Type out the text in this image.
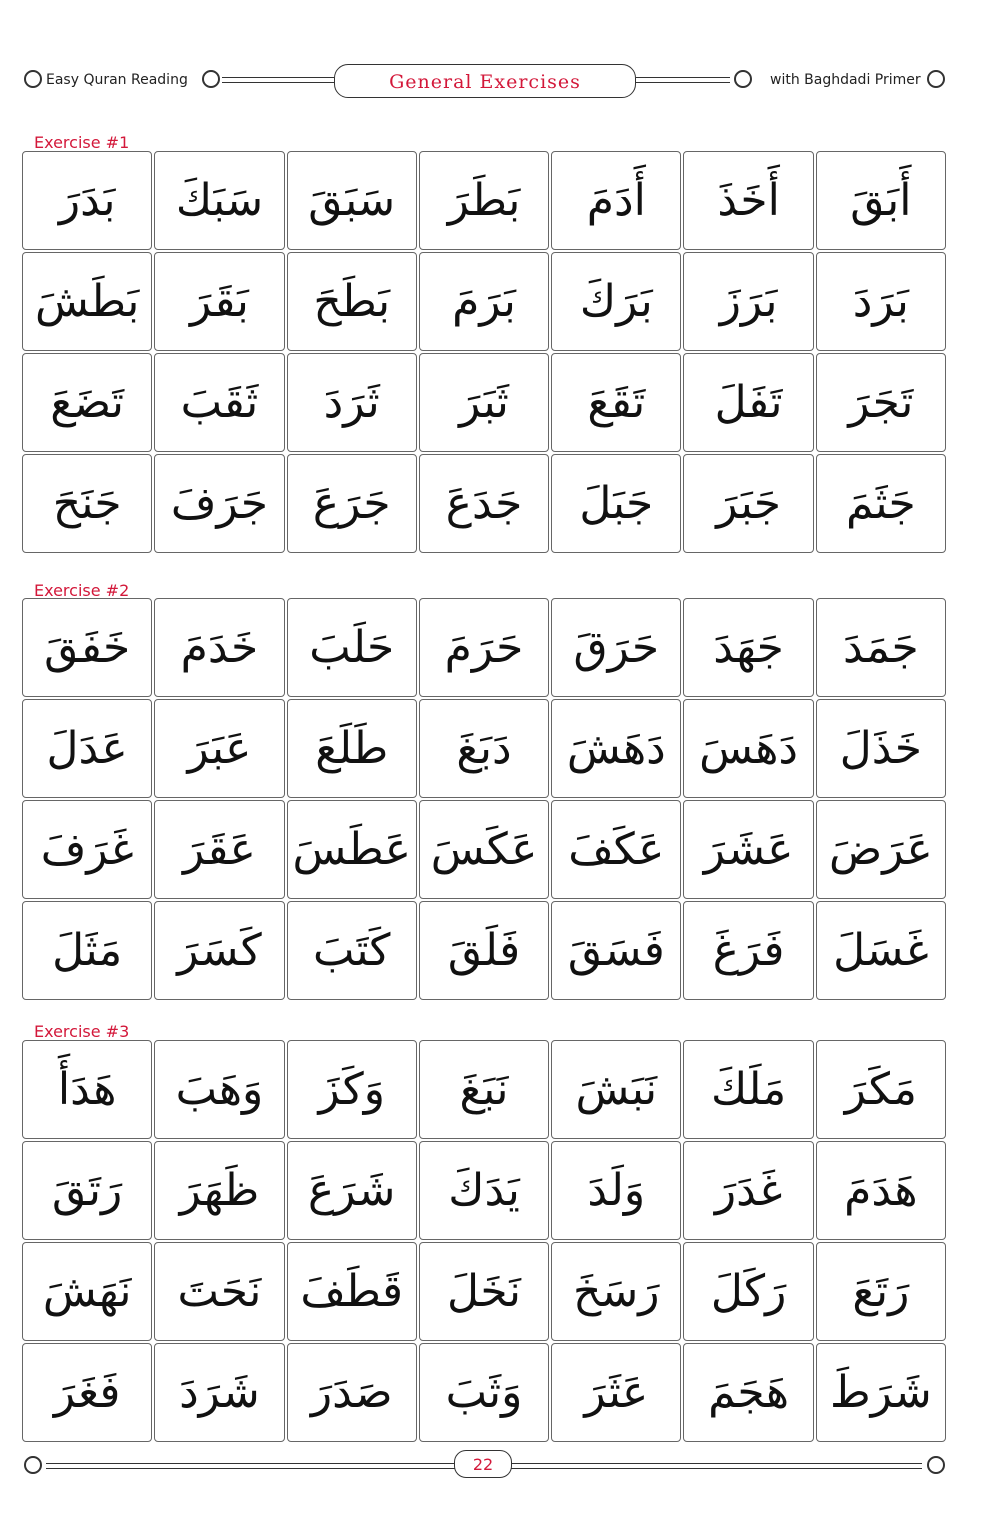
Easy Quran Reading	General Exercises	with Baghdadi Primer
Exercise #1
أَبَقَ
أَخَذَ
أَدَمَ
بَطَرَ
سَبَقَ
سَبَكَ
بَدَرَ
بَرَدَ
بَرَزَ
بَرَكَ
بَرَمَ
بَطَحَ
بَقَرَ
بَطَشَ
تَجَرَ
تَفَلَ
تَقَعَ
ثَبَرَ
ثَرَدَ
ثَقَبَ
تَضَعَ
جَثَمَ
جَبَرَ
جَبَلَ
جَدَعَ
جَرَعَ
جَرَفَ
جَنَحَ
Exercise #2
جَمَدَ
جَهَدَ
حَرَقَ
حَرَمَ
حَلَبَ
خَدَمَ
خَفَقَ
خَذَلَ
دَهَسَ
دَهَشَ
دَبَغَ
طَلَعَ
عَبَرَ
عَدَلَ
عَرَضَ
عَشَرَ
عَكَفَ
عَكَسَ
عَطَسَ
عَقَرَ
غَرَفَ
غَسَلَ
فَرَغَ
فَسَقَ
فَلَقَ
كَتَبَ
كَسَرَ
مَثَلَ
Exercise #3
مَكَرَ
مَلَكَ
نَبَشَ
نَبَغَ
وَكَزَ
وَهَبَ
هَدَأَ
هَدَمَ
غَدَرَ
وَلَدَ
يَدَكَ
شَرَعَ
ظَهَرَ
رَتَقَ
رَتَعَ
رَكَلَ
رَسَخَ
نَخَلَ
قَطَفَ
نَحَتَ
نَهَشَ
شَرَطَ
هَجَمَ
عَثَرَ
وَثَبَ
صَدَرَ
شَرَدَ
فَغَرَ
22
